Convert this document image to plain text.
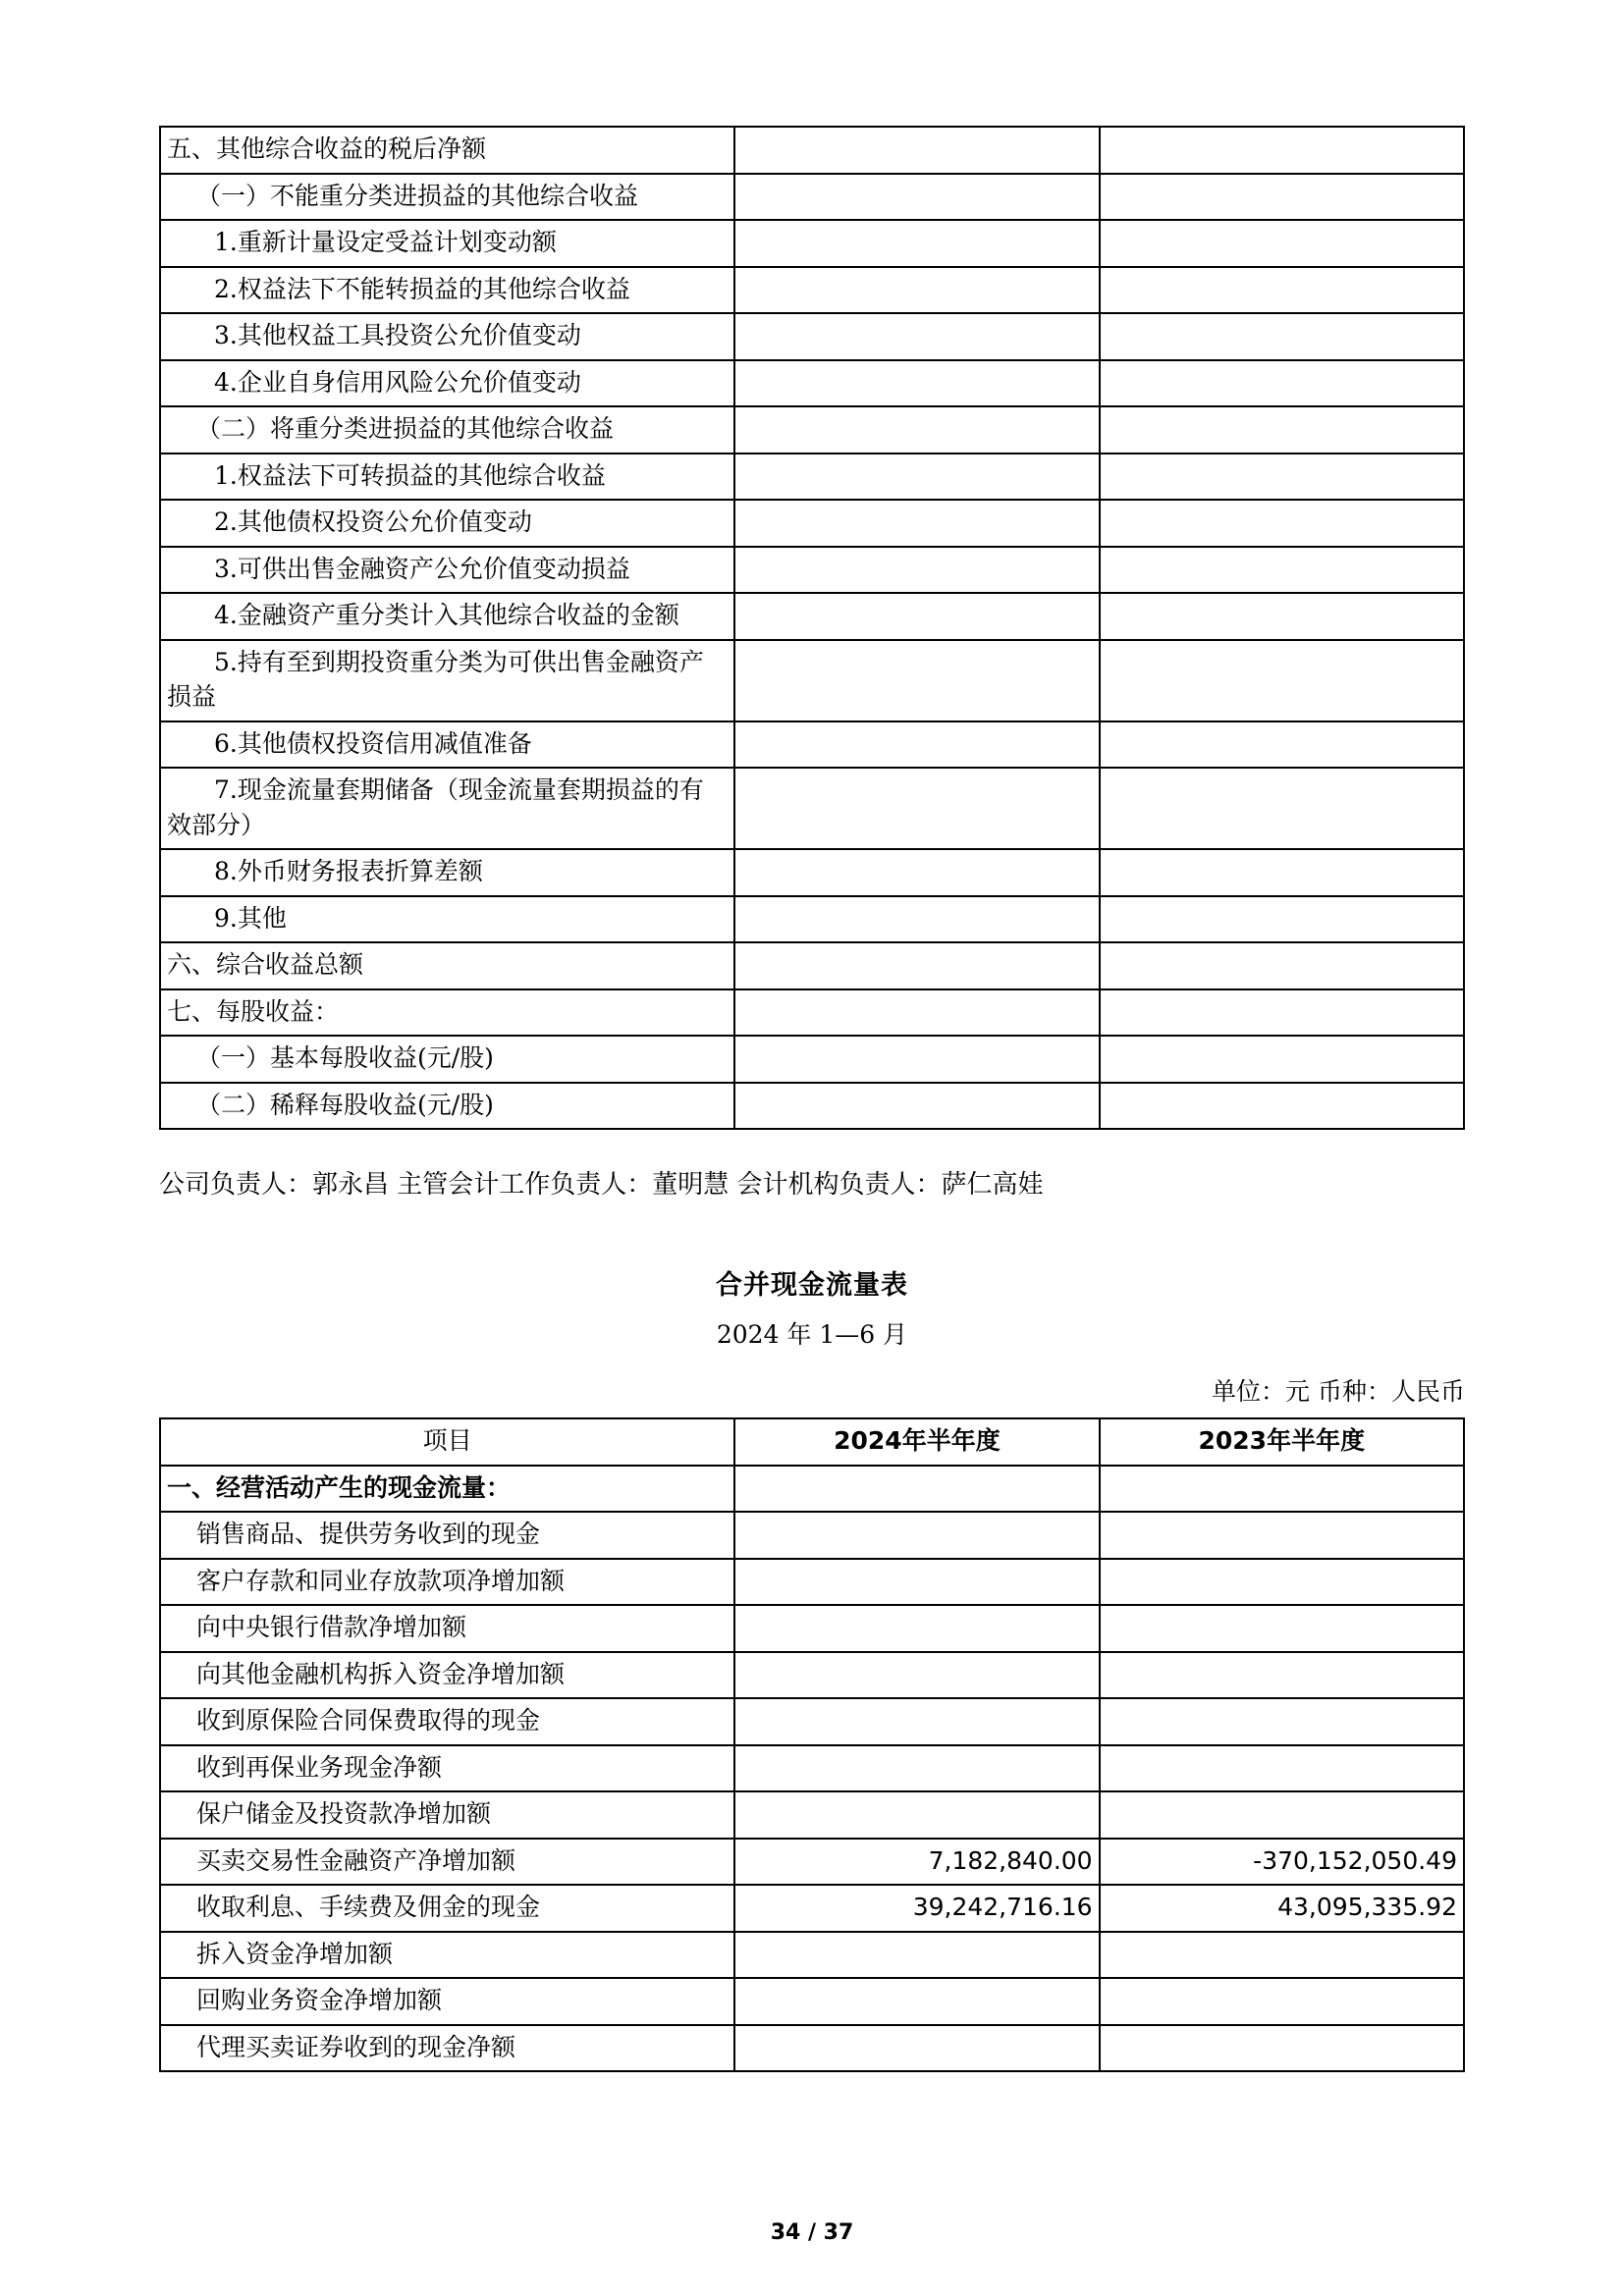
五、其他综合收益的税后净额		

（一）不能重分类进损益的其他综合收益		

1.重新计量设定受益计划变动额		

2.权益法下不能转损益的其他综合收益		

3.其他权益工具投资公允价值变动		

4.企业自身信用风险公允价值变动		

（二）将重分类进损益的其他综合收益		

1.权益法下可转损益的其他综合收益		

2.其他债权投资公允价值变动		

3.可供出售金融资产公允价值变动损益		

4.金融资产重分类计入其他综合收益的金额		

5.持有至到期投资重分类为可供出售金融资产损益		

6.其他债权投资信用减值准备		

7.现金流量套期储备（现金流量套期损益的有效部分）		

8.外币财务报表折算差额		

9.其他		

六、综合收益总额		

七、每股收益：		

（一）基本每股收益(元/股)		

（二）稀释每股收益(元/股)		

公司负责人：郭永昌 主管会计工作负责人：董明慧 会计机构负责人：萨仁高娃
合并现金流量表
2024 年 1—6 月
单位：元 币种：人民币
项目	2024年半年度	2023年半年度

一、经营活动产生的现金流量：		

销售商品、提供劳务收到的现金		

客户存款和同业存放款项净增加额		

向中央银行借款净增加额		

向其他金融机构拆入资金净增加额		

收到原保险合同保费取得的现金		

收到再保业务现金净额		

保户储金及投资款净增加额		

买卖交易性金融资产净增加额	7,182,840.00	-370,152,050.49

收取利息、手续费及佣金的现金	39,242,716.16	43,095,335.92

拆入资金净增加额		

回购业务资金净增加额		

代理买卖证券收到的现金净额		

34 / 37
